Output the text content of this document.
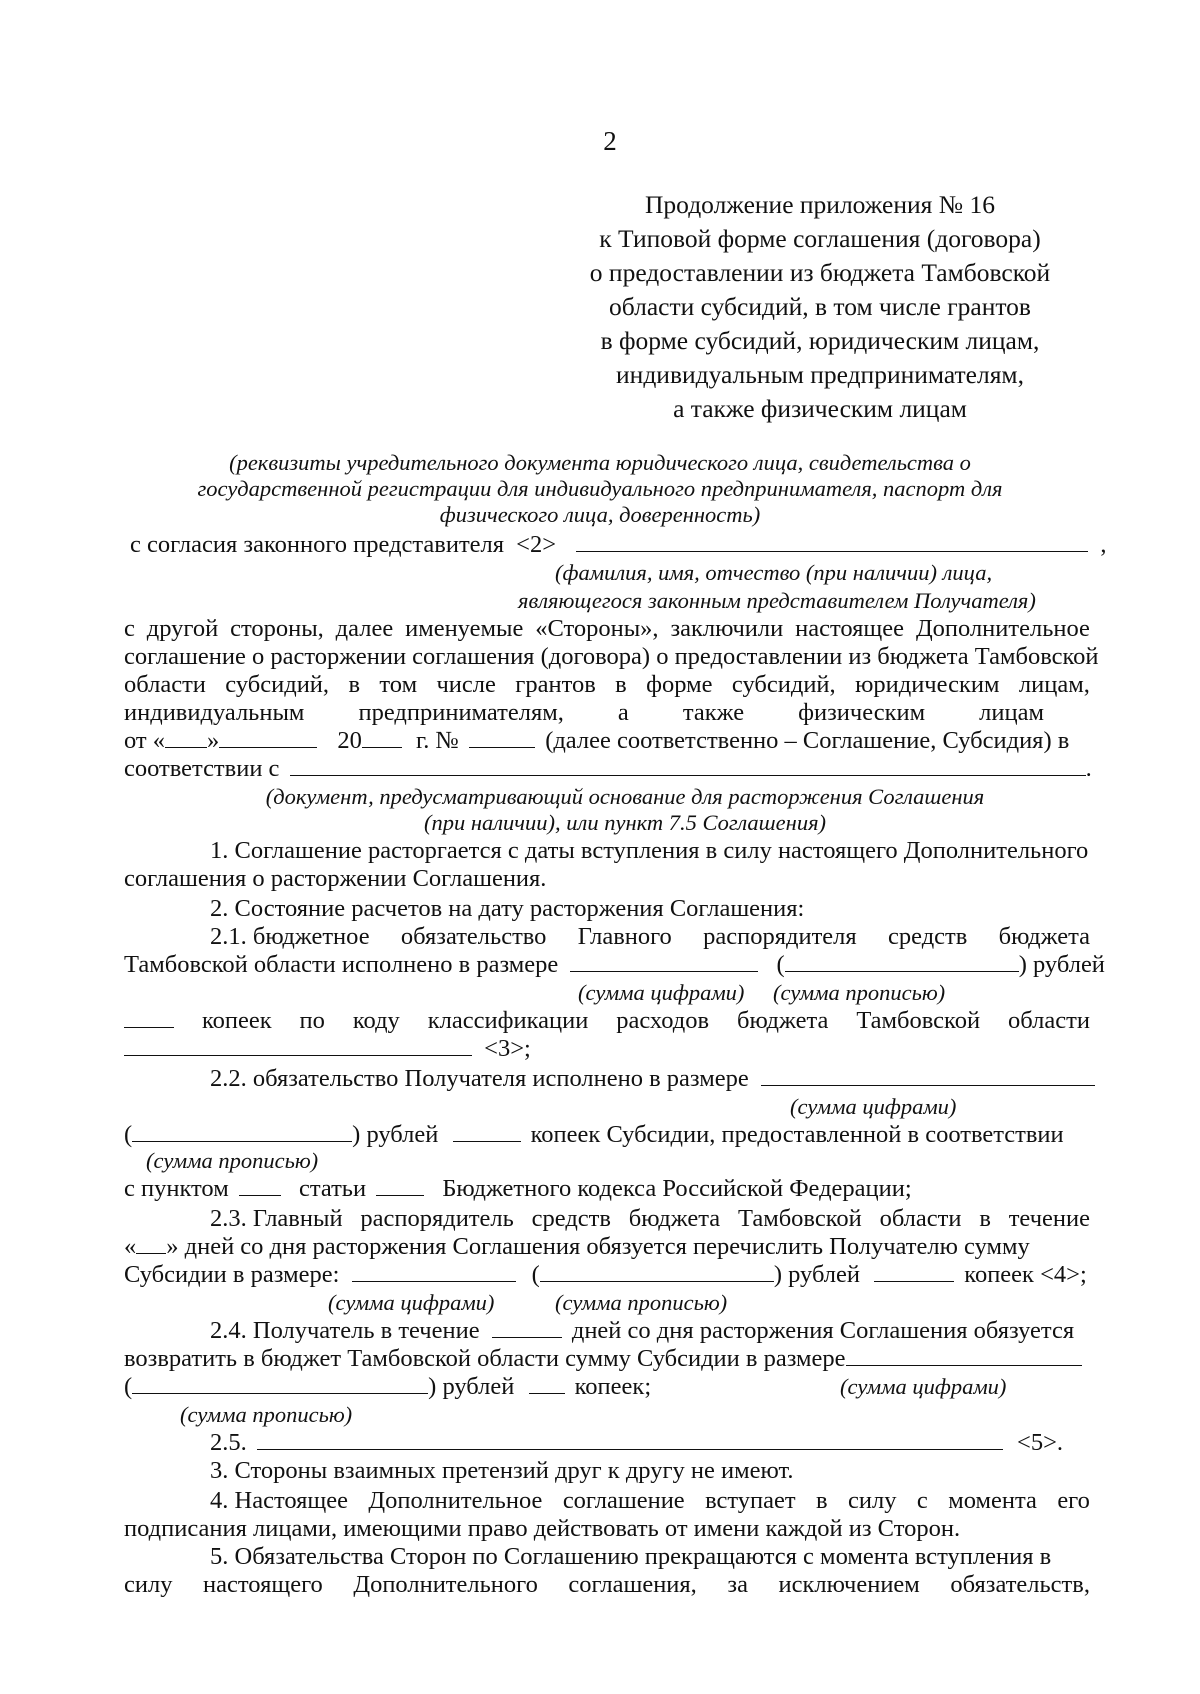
2
Продолжение приложения № 16
к Типовой форме соглашения (договора)
о предоставлении из бюджета Тамбовской
области субсидий, в том числе грантов
в форме субсидий, юридическим лицам,
индивидуальным предпринимателям,
а также физическим лицам
(реквизиты учредительного документа юридического лица, свидетельства о
государственной регистрации для индивидуального предпринимателя, паспорт для
физического лица, доверенность)
с согласия законного представителя <2>	,
(фамилия, имя, отчество (при наличии) лица,
являющегося законным представителем Получателя)
с другой стороны, далее именуемые «Стороны», заключили настоящее Дополнительное
соглашение о расторжении соглашения (договора) о предоставлении из бюджета Тамбовской
области субсидий, в том числе грантов в форме субсидий, юридическим лицам,
индивидуальным предпринимателям, а также физическим лицам
от « »	20 г. №	(далее соответственно – Соглашение, Субсидия) в
соответствии с	.
(документ, предусматривающий основание для расторжения Соглашения
(при наличии), или пункт 7.5 Соглашения)
1. Соглашение расторгается с даты вступления в силу настоящего Дополнительного
соглашения о расторжении Соглашения.
2. Состояние расчетов на дату расторжения Соглашения:
2.1. бюджетное обязательство Главного распорядителя средств бюджета
Тамбовской области исполнено в размере	(	) рублей
(сумма цифрами) (сумма прописью)
копеек по коду классификации расходов бюджета Тамбовской области
<3>;
2.2. обязательство Получателя исполнено в размере
(сумма цифрами)
(	) рублей	копеек Субсидии, предоставленной в соответствии
(сумма прописью)
с пунктом	статьи	Бюджетного кодекса Российской Федерации;
2.3. Главный распорядитель средств бюджета Тамбовской области в течение
« » дней со дня расторжения Соглашения обязуется перечислить Получателю сумму
Субсидии в размере:	(	) рублей	копеек <4>;
(сумма цифрами)	(сумма прописью)
2.4. Получатель в течение	дней со дня расторжения Соглашения обязуется
возвратить в бюджет Тамбовской области сумму Субсидии в размере
(	) рублей копеек;	(сумма цифрами)
(сумма прописью)
2.5.	<5>.
3. Стороны взаимных претензий друг к другу не имеют.
4. Настоящее Дополнительное соглашение вступает в силу с момента его
подписания лицами, имеющими право действовать от имени каждой из Сторон.
5. Обязательства Сторон по Соглашению прекращаются с момента вступления в
силу настоящего Дополнительного соглашения, за исключением обязательств,
